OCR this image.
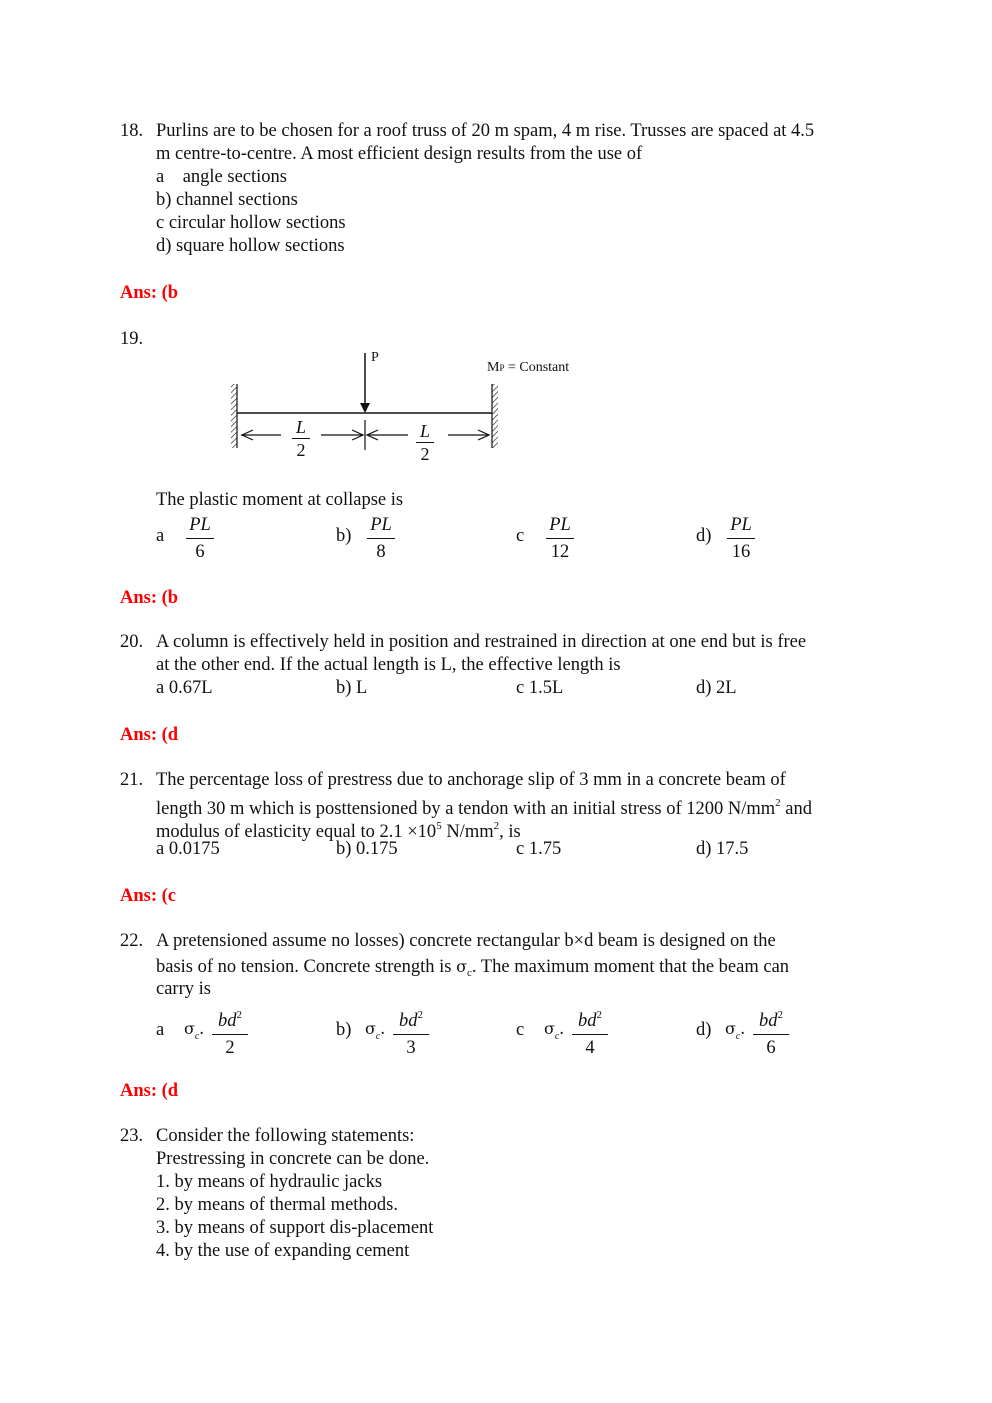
18. Purlins are to be chosen for a roof truss of 20 m spam, 4 m rise. Trusses are spaced at 4.5
m centre-to-centre. A most efficient design results from the use of
a    angle sections
b) channel sections
c circular hollow sections
d) square hollow sections
Ans: (b
19.
P
MP = Constant
L
2
L
2
The plastic moment at collapse is
a
PL
6
b)
PL
8
c
PL
12
d)
PL
16
Ans: (b
20. A column is effectively held in position and restrained in direction at one end but is free
at the other end. If the actual length is L, the effective length is
a 0.67L	b) L	c 1.5L	d) 2L
Ans: (d
21. The percentage loss of prestress due to anchorage slip of 3 mm in a concrete beam of
length 30 m which is posttensioned by a tendon with an initial stress of 1200 $N/mm^2$ and
modulus of elasticity equal to $2.1 \times 10^5$ $N/mm^2$, is
a 0.0175	b) 0.175	c 1.75	d) 17.5
Ans: (c
22. A pretensioned assume no losses) concrete rectangular b×d beam is designed on the
basis of no tension. Concrete strength is $\sigma_c$. The maximum moment that the beam can
carry is
a $\sigma_c$. $bd^2$
2
b) $\sigma_c$. $bd^2$
3
c $\sigma_c$. $bd^2$
4
d) $\sigma_c$. $bd^2$
6
Ans: (d
23. Consider the following statements:
Prestressing in concrete can be done.
1. by means of hydraulic jacks
2. by means of thermal methods.
3. by means of support dis-placement
4. by the use of expanding cement
